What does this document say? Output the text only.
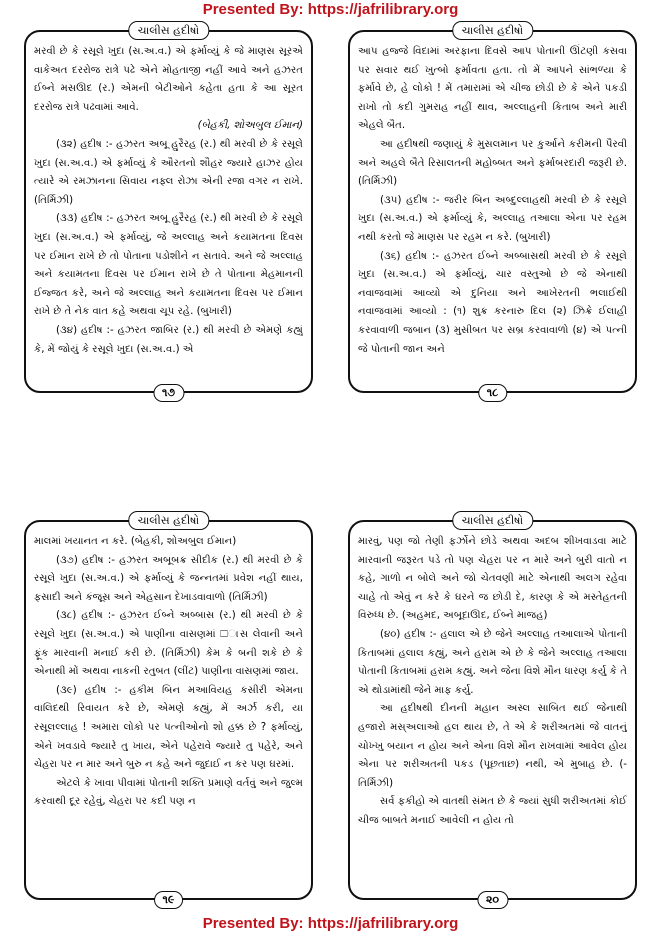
Presented By: https://jafrilibrary.org
ચાલીસ હદીષો

મરવી છે કે રસૂલે ખુદા (સ.અ.વ.) એ ફર્માવ્યું કે જે માણસ સૂરએ વાકેઅત દરરોજ રાત્રે પઢે એને મોહતાજી નહીં આવે અને હઝરત ઈબ્ને મસઊદ (ર.) એમની બેટીઓને કહેતા હતા કે આ સૂરત દરરોજ રાત્રે પઢવામાં આવે.

(બેહકી, શોઅબુલ ઈમાન)

(૩૨) હદીષ :- હઝરત અબૂ હુરૈરહ (ર.) થી મરવી છે કે રસૂલે ખુદા (સ.અ.વ.) એ ફર્માવ્યું કે ઔરતનો શૌહર જ્યારે હાઝર હોય ત્યારે એ રમઝાનના સિવાય નફ્લ રોઝા એની રજા વગર ન રાખે. (તિર્મિઝી)

(૩૩) હદીષ :- હઝરત અબૂ હુરૈરહ (ર.) થી મરવી છે કે રસૂલે ખુદા (સ.અ.વ.) એ ફર્માવ્યું, જે અલ્લાહ અને કયામતના દિવસ પર ઈમાન રાખે છે તો પોતાના પડોશીને ન સતાવે. અને જે અલ્લાહ અને કયામતના દિવસ પર ઈમાન રાખે છે તે પોતાના મેહમાનની ઈજ્જત કરે, અને જે અલ્લાહ અને કયામતના દિવસ પર ઈમાન રાખે છે તે નેક વાત કહે અથવા ચૂપ રહે. (બુખારી)

(૩૪) હદીષ :- હઝરત જાબિર (ર.) થી મરવી છે એમણે કહ્યું કે, મેં જોયું કે રસૂલે ખુદા (સ.અ.વ.) એ

૧૭
ચાલીસ હદીષો

આપ હજ્જે વિદામાં અરફાના દિવસે આપ પોતાની ઊંટણી કસવા પર સવાર થઈ ખુત્બો ફર્માવતા હતા. તો મેં આપને સાંભળ્યા કે ફર્માવે છે, હે લોકો ! મેં તમારામાં એ ચીજ છોડી છે કે એને પકડી રાખો તો કદી ગુમરાહ નહીં થાવ, અલ્લાહની કિતાબ અને મારી એહલે બૈત.

આ હદીષથી જણાયું કે મુસલમાન પર કુર્આને કરીમની પૈરવી અને અહલે બૈતે રિસાલતની મહોબ્બત અને ફર્માબરદારી જરૂરી છે. (તિર્મિઝી)

(૩૫) હદીષ :- જરીર બિન અબ્દુલ્લાહથી મરવી છે કે રસૂલે ખુદા (સ.અ.વ.) એ ફર્માવ્યું કે, અલ્લાહ તઆલા એના પર રહમ નથી કરતો જે માણસ પર રહમ ન કરે. (બુખારી)

(૩૬) હદીષ :- હઝરત ઈબ્ને અબ્બાસથી મરવી છે કે રસૂલે ખુદા (સ.અ.વ.) એ ફર્માવ્યું, ચાર વસ્તુઓ છે જે એનાથી નવાજવામાં આવ્યો એ દુનિયા અને આખેરતની ભલાઈથી નવાજવામાં આવ્યો : (૧) શુક્ર કરનારુ દિલ (૨) ઝિક્રે ઈલાહી કરવાવાળી જબાન (૩) મુસીબત પર સબ્ર કરવાવાળો (૪) એ પત્ની જે પોતાની જાન અને

૧૮
ચાલીસ હદીષો

માલમાં ખયાનત ન કરે. (બેહકી, શોઅબુલ ઈમાન)

(૩૭) હદીષ :- હઝરત અબૂબક્ર સીદીક (ર.) થી મરવી છે કે રસૂલે ખુદા (સ.અ.વ.) એ ફર્માવ્યું કે જન્નતમાં પ્રવેશ નહીં થાય, ફસાદી અને કંજૂસ અને એહસાન દેખાડવાવાળો (તિર્મિઝી)

(૩૮) હદીષ :- હઝરત ઈબ્ને અબ્બાસ (ર.) થી મરવી છે કે રસૂલે ખુદા (સ.અ.વ.) એ પાણીના વાસણમાં □ાસ લેવાની અને ફૂંક મારવાની મનાઈ કરી છે. (તિર્મિઝી) કેમ કે બની શકે છે કે એનાથી મોં અથવા નાકની રતુબત (લીંટ) પાણીના વાસણમાં જાય.

(૩૯) હદીષ :- હકીમ બિન મઆવિયહ કસીરી એમના વાલિદથી રિવાયત કરે છે, એમણે કહ્યું, મેં અર્ઝ કરી, યા રસૂલલ્લાહ ! અમારા લોકો પર પત્નીઓનો શો હક્ક છે ? ફર્માવ્યું, એને ખવડાવે જ્યારે તુ ખાય, એને પહેરાવે જ્યારે તુ પહેરે, અને ચેહરા પર ન માર અને બુરુ ન કહે અને જુદાઈ ન કર પણ ઘરમાં.

એટલે કે ખાવા પીવામાં પોતાની શક્તિ પ્રમાણે વર્તવું અને જુલ્મ કરવાથી દૂર રહેવું, ચેહરા પર કદી પણ ન

૧૯
ચાલીસ હદીષો

મારવું, પણ જો તેણી ફર્ઝોને છોડે અથવા અદબ શીખવાડવા માટે મારવાની જરૂરત પડે તો પણ ચેહરા પર ન મારે અને બુરી વાતો ન કહે, ગાળો ન બોલે અને જો ચેતવણી માટે એનાથી અલગ રહેવા ચાહે તો એવું ન કરે કે ઘરને જ છોડી દે, કારણ કે એ મસ્તેહતની વિરુધ્ધ છે. (અહમદ, અબૂદાઊદ, ઈબ્ને માજહ)

(૪૦) હદીષ :- હલાલ એ છે જેને અલ્લાહ તઆલાએ પોતાની કિતાબમાં હલાલ કહ્યું, અને હરામ એ છે કે જેને અલ્લાહ તઆલા પોતાની કિતાબમાં હરામ કહ્યું. અને જેના વિશે મૌન ધારણ કર્યુ કે તે એ થોડામાંથી જેને માફ કર્યુ.

આ હદીષથી દીનની મહાન અસ્લ સાબિત થઈ જેનાથી હજારો મસ્અલાઓ હલ થાય છે, તે એ કે શરીઅતમાં જે વાતનું ચોખ્ખુ બયાન ન હોય અને એના વિશે મૌન રાખવામાં આવેલ હોય એના પર શરીઅતની પકડ (પૂછતાછ) નથી, એ મુબાહ છે. (-તિર્મિઝી)

સર્વ ફકીહો એ વાતથી સંમત છે કે જ્યાં સુધી શરીઅતમાં કોઈ ચીજ બાબતે મનાઈ આવેલી ન હોય તો

૨૦
Presented By: https://jafrilibrary.org
